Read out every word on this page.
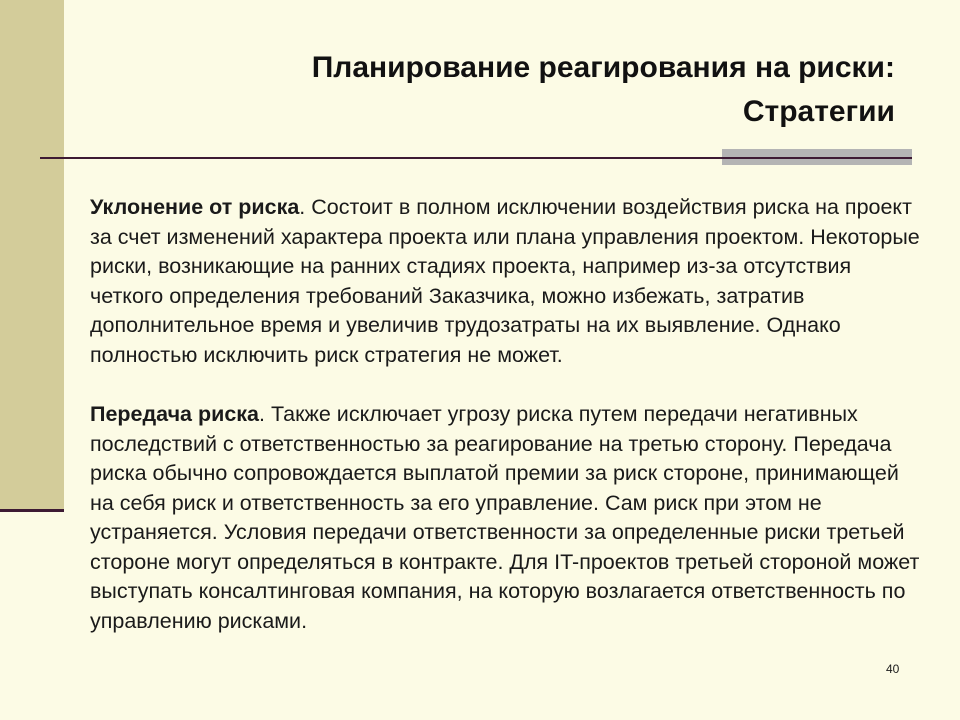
Планирование реагирования на риски:
Стратегии

Уклонение от риска. Состоит в полном исключении воздействия риска на проект за счет изменений характера проекта или плана управления проектом. Некоторые риски, возникающие на ранних стадиях проекта, например из-за отсутствия четкого определения требований Заказчика, можно избежать, затратив дополнительное время и увеличив трудозатраты на их выявление. Однако полностью исключить риск стратегия не может.

Передача риска. Также исключает угрозу риска путем передачи негативных последствий с ответственностью за реагирование на третью сторону. Передача риска обычно сопровождается выплатой премии за риск стороне, принимающей на себя риск и ответственность за его управление. Сам риск при этом не устраняется. Условия передачи ответственности за определенные риски третьей стороне могут определяться в контракте. Для IT-проектов третьей стороной может выступать консалтинговая компания, на которую возлагается ответственность по управлению рисками.

40
